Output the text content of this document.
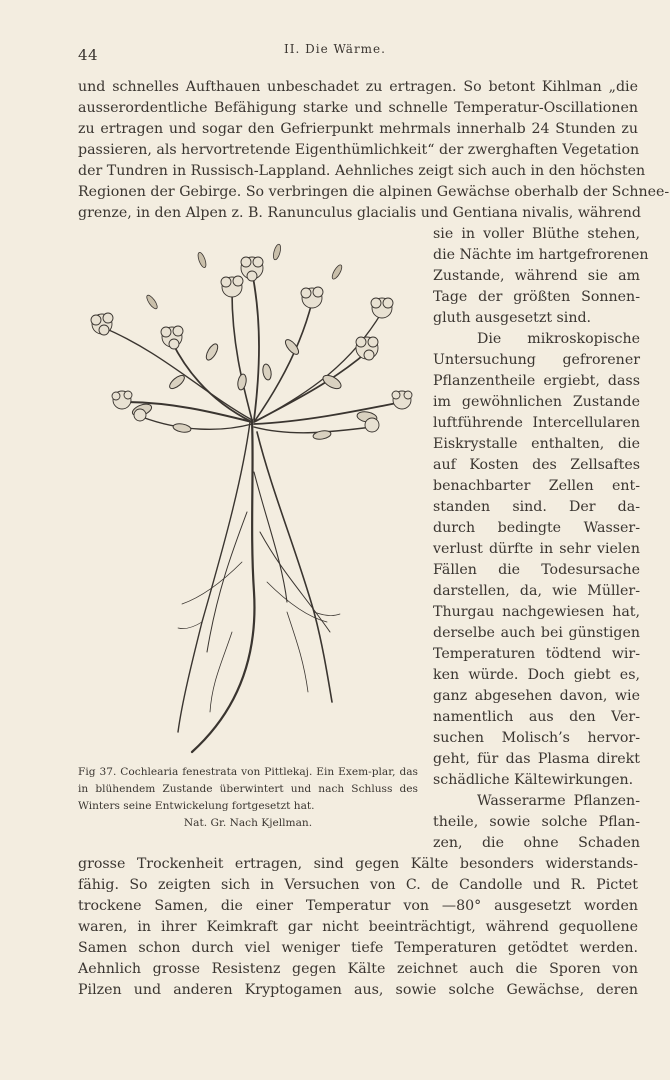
44	II. Die Wärme.
und schnelles Aufthauen unbeschadet zu ertragen. So betont Kihlman „die
ausserordentliche Befähigung starke und schnelle Temperatur-Oscillationen
zu ertragen und sogar den Gefrierpunkt mehrmals innerhalb 24 Stunden zu
passieren, als hervortretende Eigenthümlichkeit“ der zwerghaften Vegetation
der Tundren in Russisch-Lappland. Aehnliches zeigt sich auch in den höchsten
Regionen der Gebirge. So verbringen die alpinen Gewächse oberhalb der Schnee-
grenze, in den Alpen z. B. Ranunculus glacialis und Gentiana nivalis, während
sie in voller Blüthe stehen,
die Nächte im hartgefrorenen
Zustande, während sie am
Tage der größten Sonnen-
gluth ausgesetzt sind.
Die mikroskopische
Untersuchung gefrorener
Pflanzentheile ergiebt, dass
im gewöhnlichen Zustande
luftführende Intercellularen
Eiskrystalle enthalten, die
auf Kosten des Zellsaftes
benachbarter Zellen ent-
standen sind. Der da-
durch bedingte Wasser-
verlust dürfte in sehr vielen
Fällen die Todesursache
darstellen, da, wie Müller-
Thurgau nachgewiesen hat,
derselbe auch bei günstigen
Temperaturen tödtend wir-
ken würde. Doch giebt es,
ganz abgesehen davon, wie
namentlich aus den Ver-
suchen Molisch’s hervor-
geht, für das Plasma direkt
schädliche Kältewirkungen.
Wasserarme Pflanzen-
theile, sowie solche Pflan-
zen, die ohne Schaden
grosse Trockenheit ertragen, sind gegen Kälte besonders widerstands-
fähig. So zeigten sich in Versuchen von C. de Candolle und R. Pictet
trockene Samen, die einer Temperatur von —80° ausgesetzt worden
waren, in ihrer Keimkraft gar nicht beeinträchtigt, während gequollene
Samen schon durch viel weniger tiefe Temperaturen getödtet werden.
Aehnlich grosse Resistenz gegen Kälte zeichnet auch die Sporen von
Pilzen und anderen Kryptogamen aus, sowie solche Gewächse, deren

Fig 37. Cochlearia fenestrata von Pittlekaj. Ein Exem-plar, das in blühendem Zustande überwintert und nach Schluss des Winters seine Entwickelung fortgesetzt hat.

Nat. Gr. Nach Kjellman.
